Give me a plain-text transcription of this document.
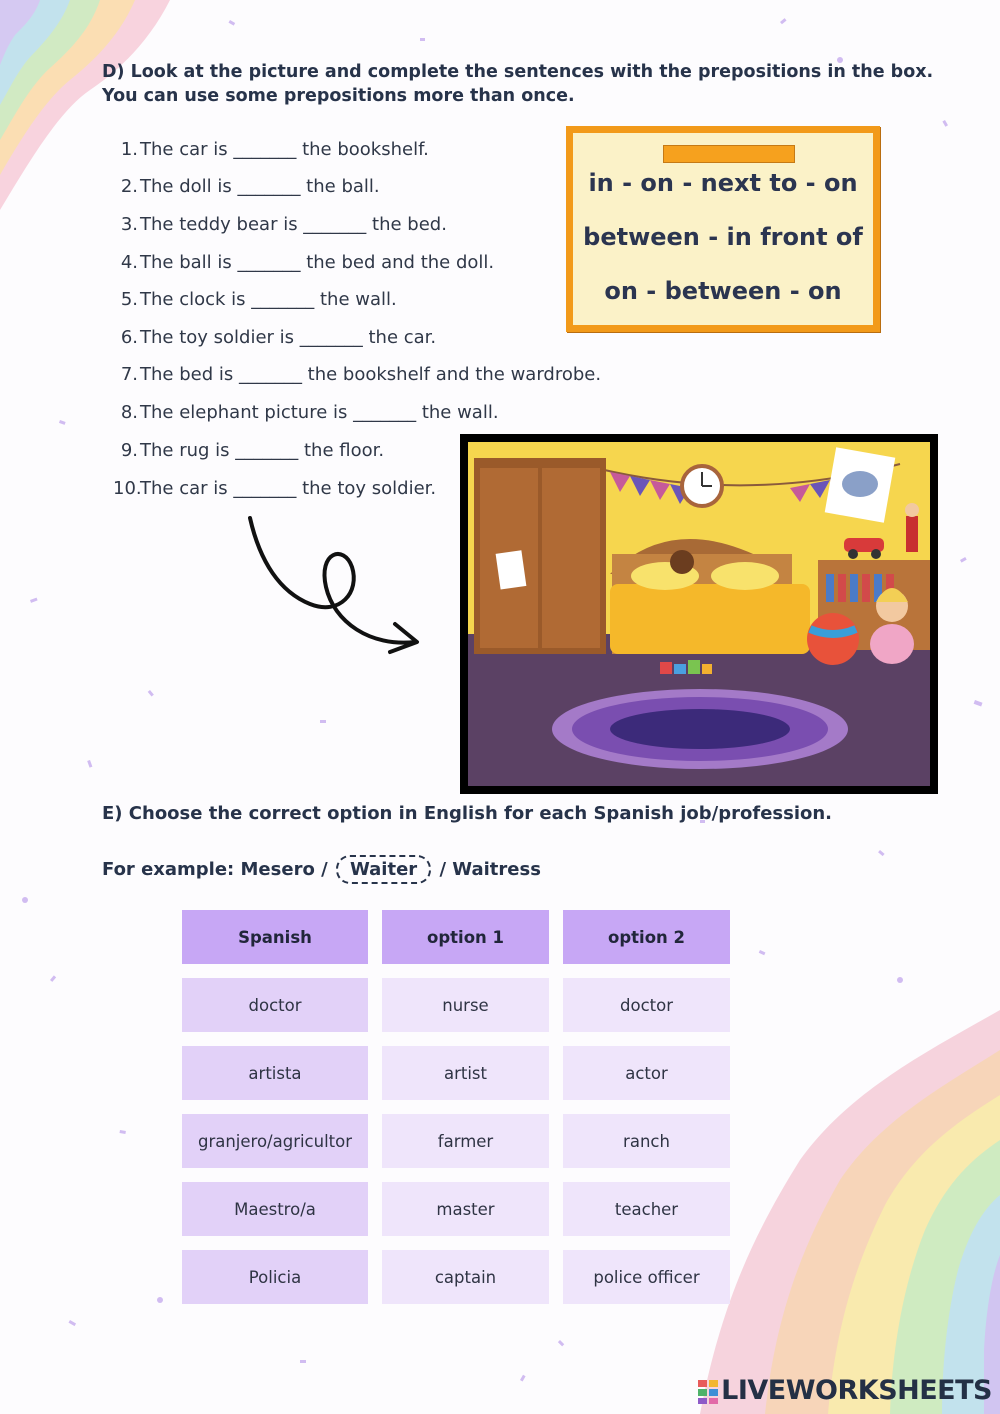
D) Look at the picture and complete the sentences with the prepositions in the box.
You can use some prepositions more than once.
1. The car is _______ the bookshelf.
2. The doll is _______ the ball.
3. The teddy bear is _______ the bed.
4. The ball is _______ the bed and the doll.
5. The clock is _______ the wall.
6. The toy soldier is _______ the car.
7. The bed is _______ the bookshelf and the wardrobe.
8. The elephant picture is _______ the wall.
9. The rug is _______ the floor.
10.The car is _______ the toy soldier.
in - on - next to - on
between - in front of
on - between - on
E) Choose the correct option in English for each Spanish job/profession.
For example: Mesero / Waiter / Waitress
Spanish	option 1	option 2
doctor	nurse	doctor
artista	artist	actor
granjero/agricultor	farmer	ranch
Maestro/a	master	teacher
Policia	captain	police officer
LIVEWORKSHEETS
